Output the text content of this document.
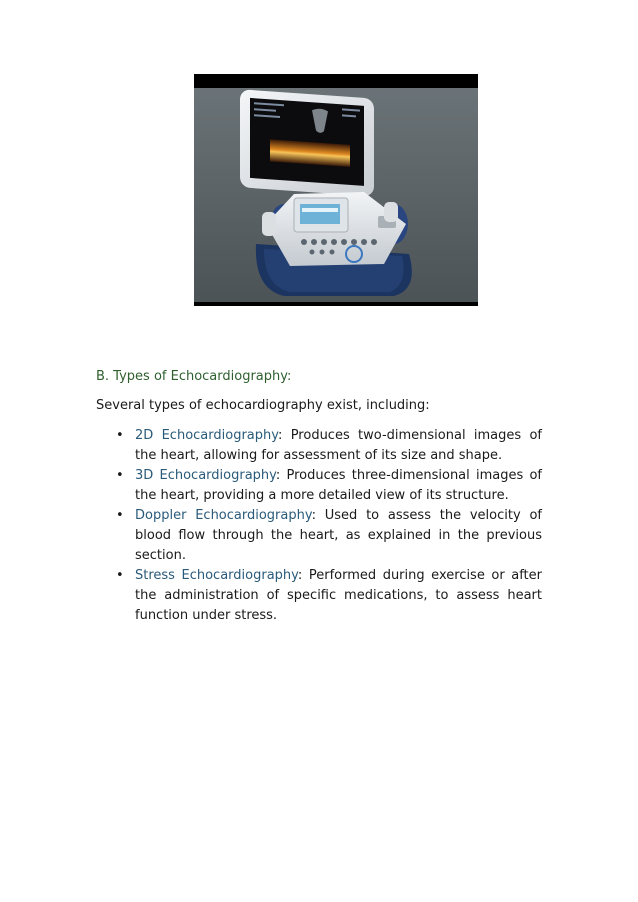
B. Types of Echocardiography:

Several types of echocardiography exist, including:

• 2D Echocardiography: Produces two-dimensional images of the heart, allowing for assessment of its size and shape.
• 3D Echocardiography: Produces three-dimensional images of the heart, providing a more detailed view of its structure.
• Doppler Echocardiography: Used to assess the velocity of blood flow through the heart, as explained in the previous section.
• Stress Echocardiography: Performed during exercise or after the administration of specific medications, to assess heart function under stress.
